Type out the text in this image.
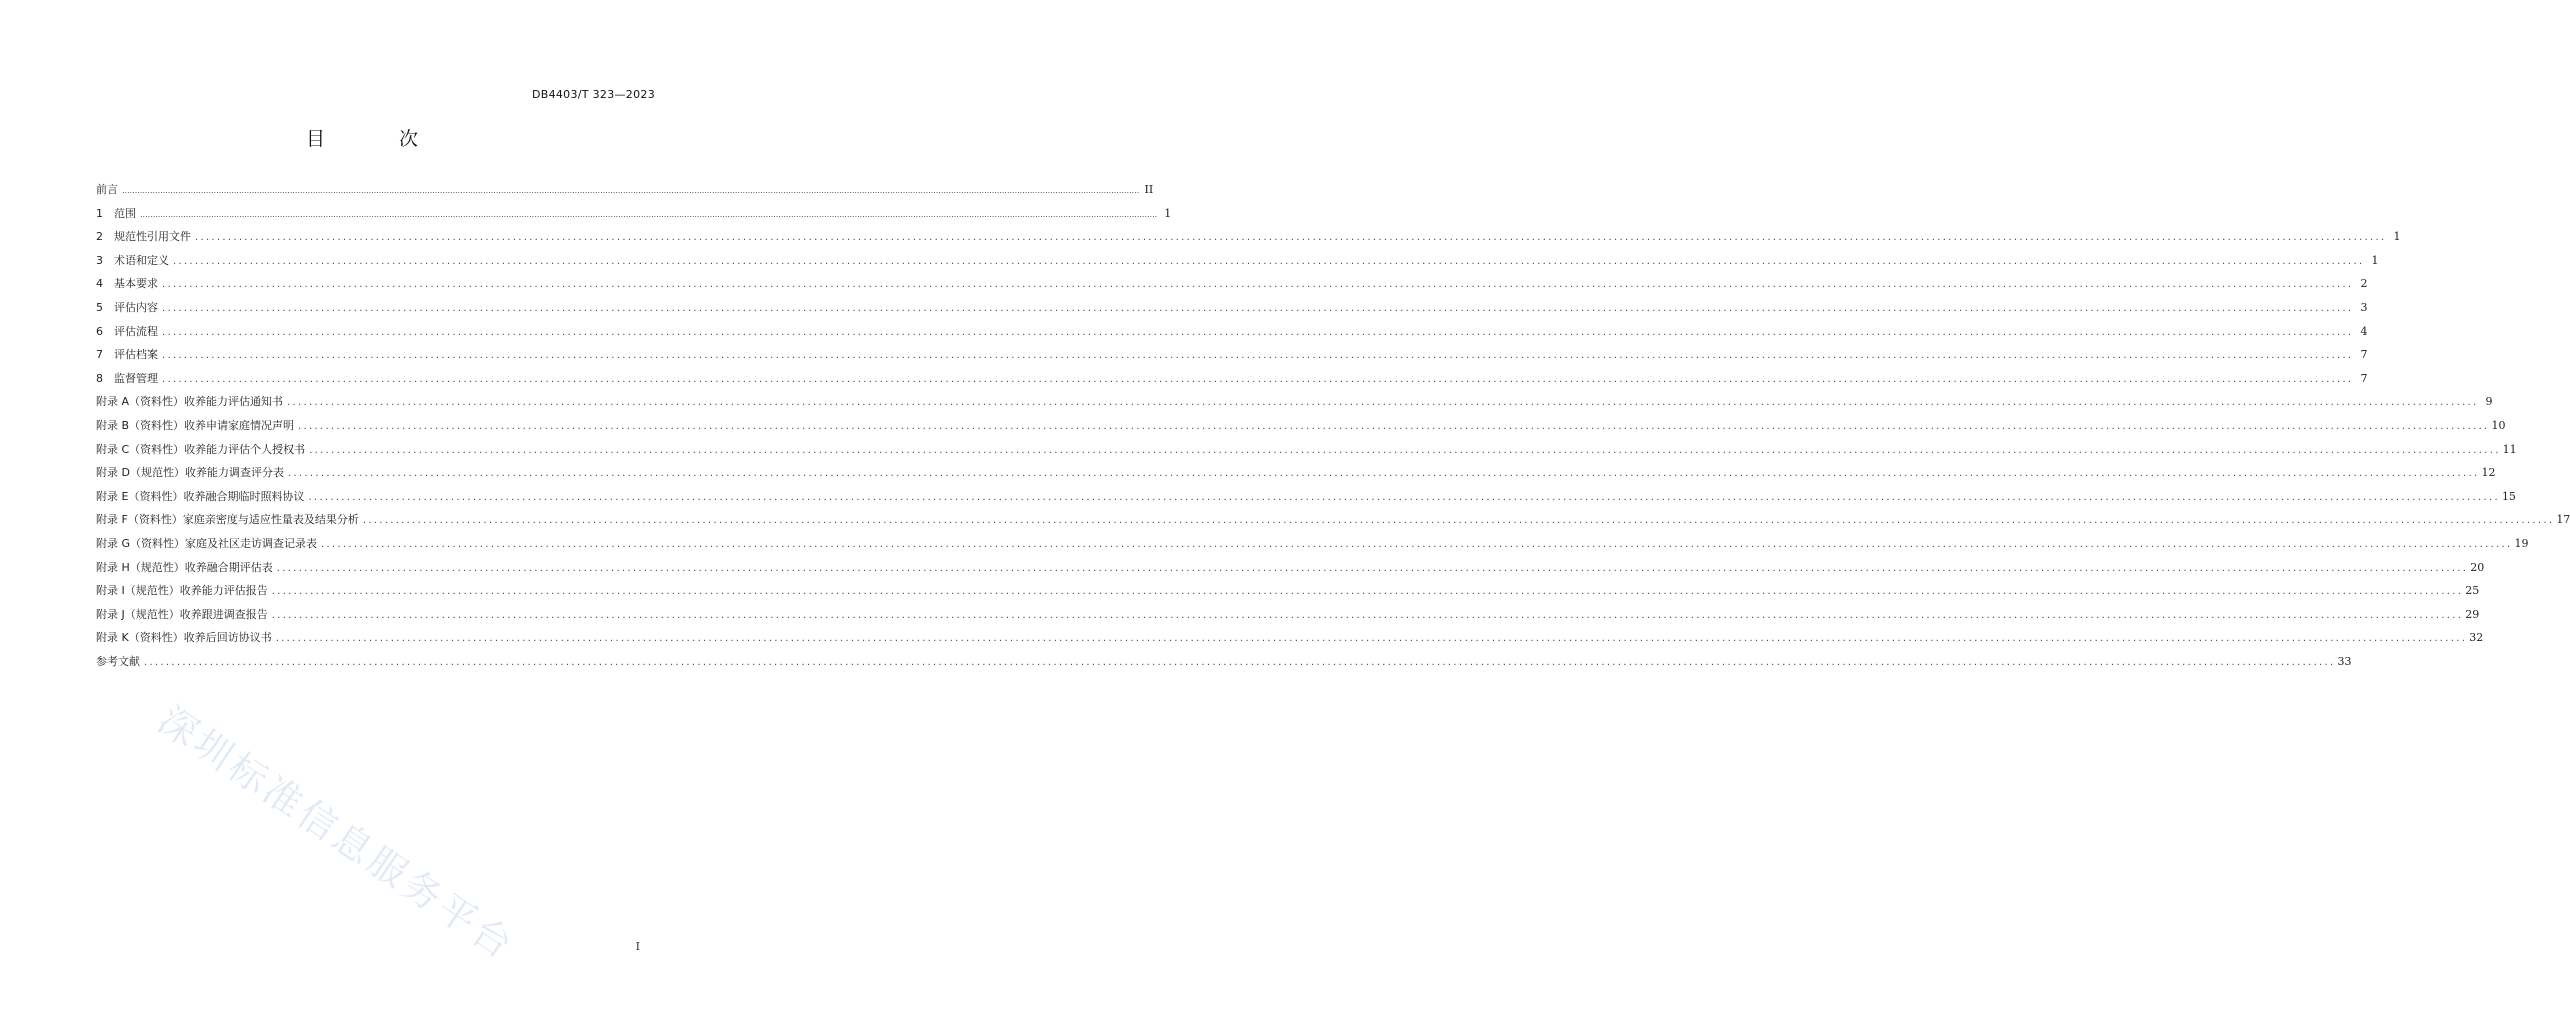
DB4403/T 323—2023
目 次
前言 ................................................................................................................................................................................................................................................................................................................................................................................................................ II
1	范围 ................................................................................................................................................................................................................................................................................................................................................................................................................ 1
2	规范性引用文件 ................................................................................................................................................................................................................................................................................................................................................................................................................ 1
3	术语和定义 ................................................................................................................................................................................................................................................................................................................................................................................................................ 1
4	基本要求 ................................................................................................................................................................................................................................................................................................................................................................................................................ 2
5	评估内容 ................................................................................................................................................................................................................................................................................................................................................................................................................ 3
6	评估流程 ................................................................................................................................................................................................................................................................................................................................................................................................................ 4
7	评估档案 ................................................................................................................................................................................................................................................................................................................................................................................................................ 7
8	监督管理 ................................................................................................................................................................................................................................................................................................................................................................................................................ 7
附录 A（资料性） 收养能力评估通知书 ................................................................................................................................................................................................................................................................................................................................................................................................................ 9
附录 B（资料性） 收养申请家庭情况声明 ................................................................................................................................................................................................................................................................................................................................................................................................................ 10
附录 C（资料性） 收养能力评估个人授权书 ................................................................................................................................................................................................................................................................................................................................................................................................................ 11
附录 D（规范性） 收养能力调查评分表 ................................................................................................................................................................................................................................................................................................................................................................................................................ 12
附录 E（资料性） 收养融合期临时照料协议 ................................................................................................................................................................................................................................................................................................................................................................................................................ 15
附录 F（资料性） 家庭亲密度与适应性量表及结果分析 ................................................................................................................................................................................................................................................................................................................................................................................................................ 17
附录 G（资料性） 家庭及社区走访调查记录表 ................................................................................................................................................................................................................................................................................................................................................................................................................ 19
附录 H（规范性） 收养融合期评估表 ................................................................................................................................................................................................................................................................................................................................................................................................................ 20
附录 I（规范性） 收养能力评估报告 ................................................................................................................................................................................................................................................................................................................................................................................................................ 25
附录 J（规范性） 收养跟进调查报告 ................................................................................................................................................................................................................................................................................................................................................................................................................ 29
附录 K（资料性） 收养后回访协议书 ................................................................................................................................................................................................................................................................................................................................................................................................................ 32
参考文献 ................................................................................................................................................................................................................................................................................................................................................................................................................ 33
深圳标准信息服务平台	I
